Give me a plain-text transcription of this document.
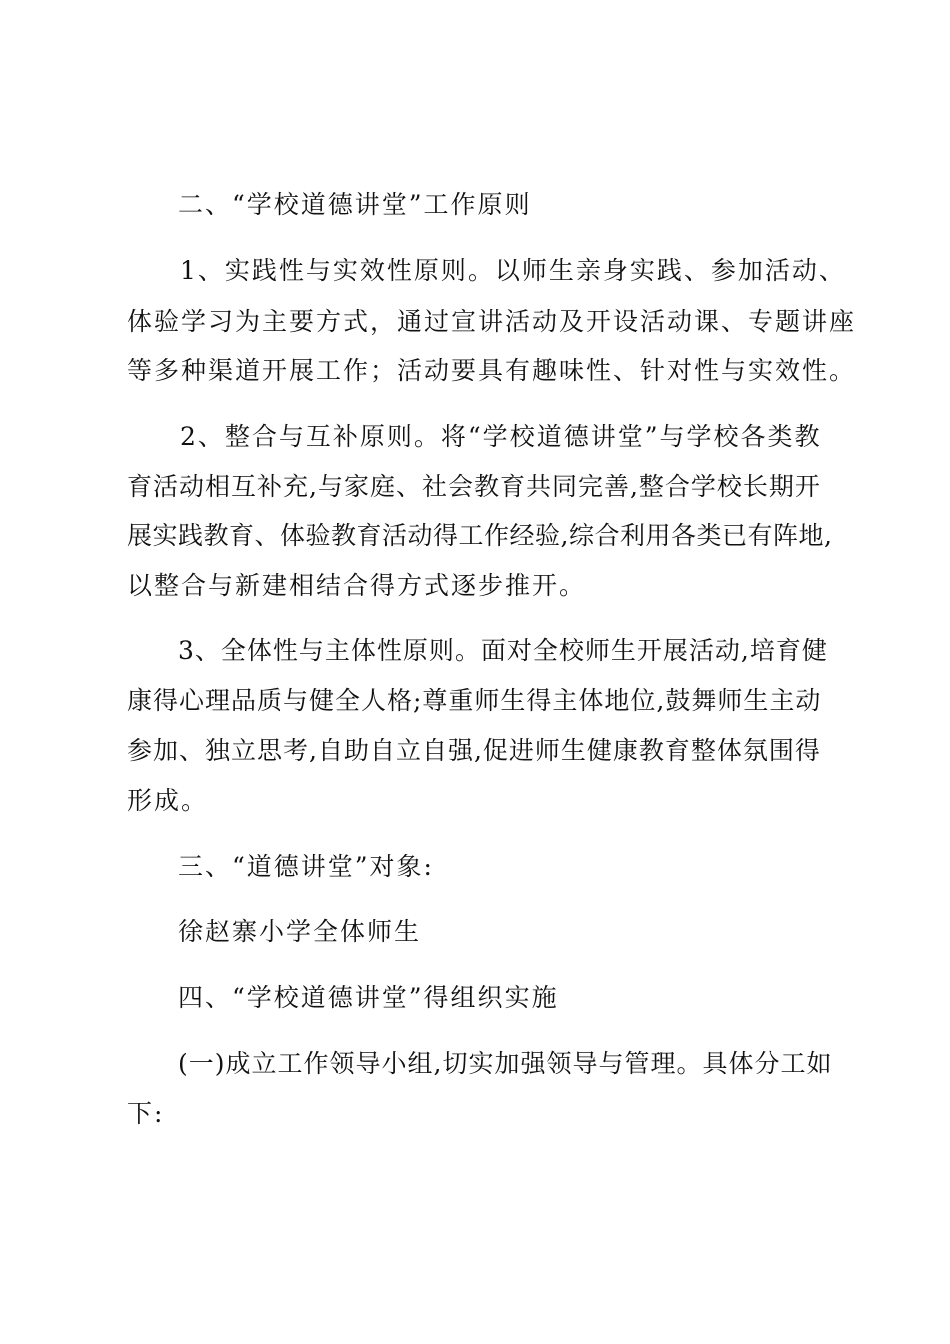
二、“学校道德讲堂”工作原则
1、实践性与实效性原则。以师生亲身实践、参加活动、
体验学习为主要方式，通过宣讲活动及开设活动课、专题讲座
等多种渠道开展工作；活动要具有趣味性、针对性与实效性。
2、整合与互补原则。将“学校道德讲堂”与学校各类教
育活动相互补充,与家庭、社会教育共同完善,整合学校长期开
展实践教育、体验教育活动得工作经验,综合利用各类已有阵地,
以整合与新建相结合得方式逐步推开。
3、全体性与主体性原则。面对全校师生开展活动,培育健
康得心理品质与健全人格;尊重师生得主体地位,鼓舞师生主动
参加、独立思考,自助自立自强,促进师生健康教育整体氛围得
形成。
三、“道德讲堂”对象:
徐赵寨小学全体师生
四、“学校道德讲堂”得组织实施
(一)成立工作领导小组,切实加强领导与管理。具体分工如
下:
